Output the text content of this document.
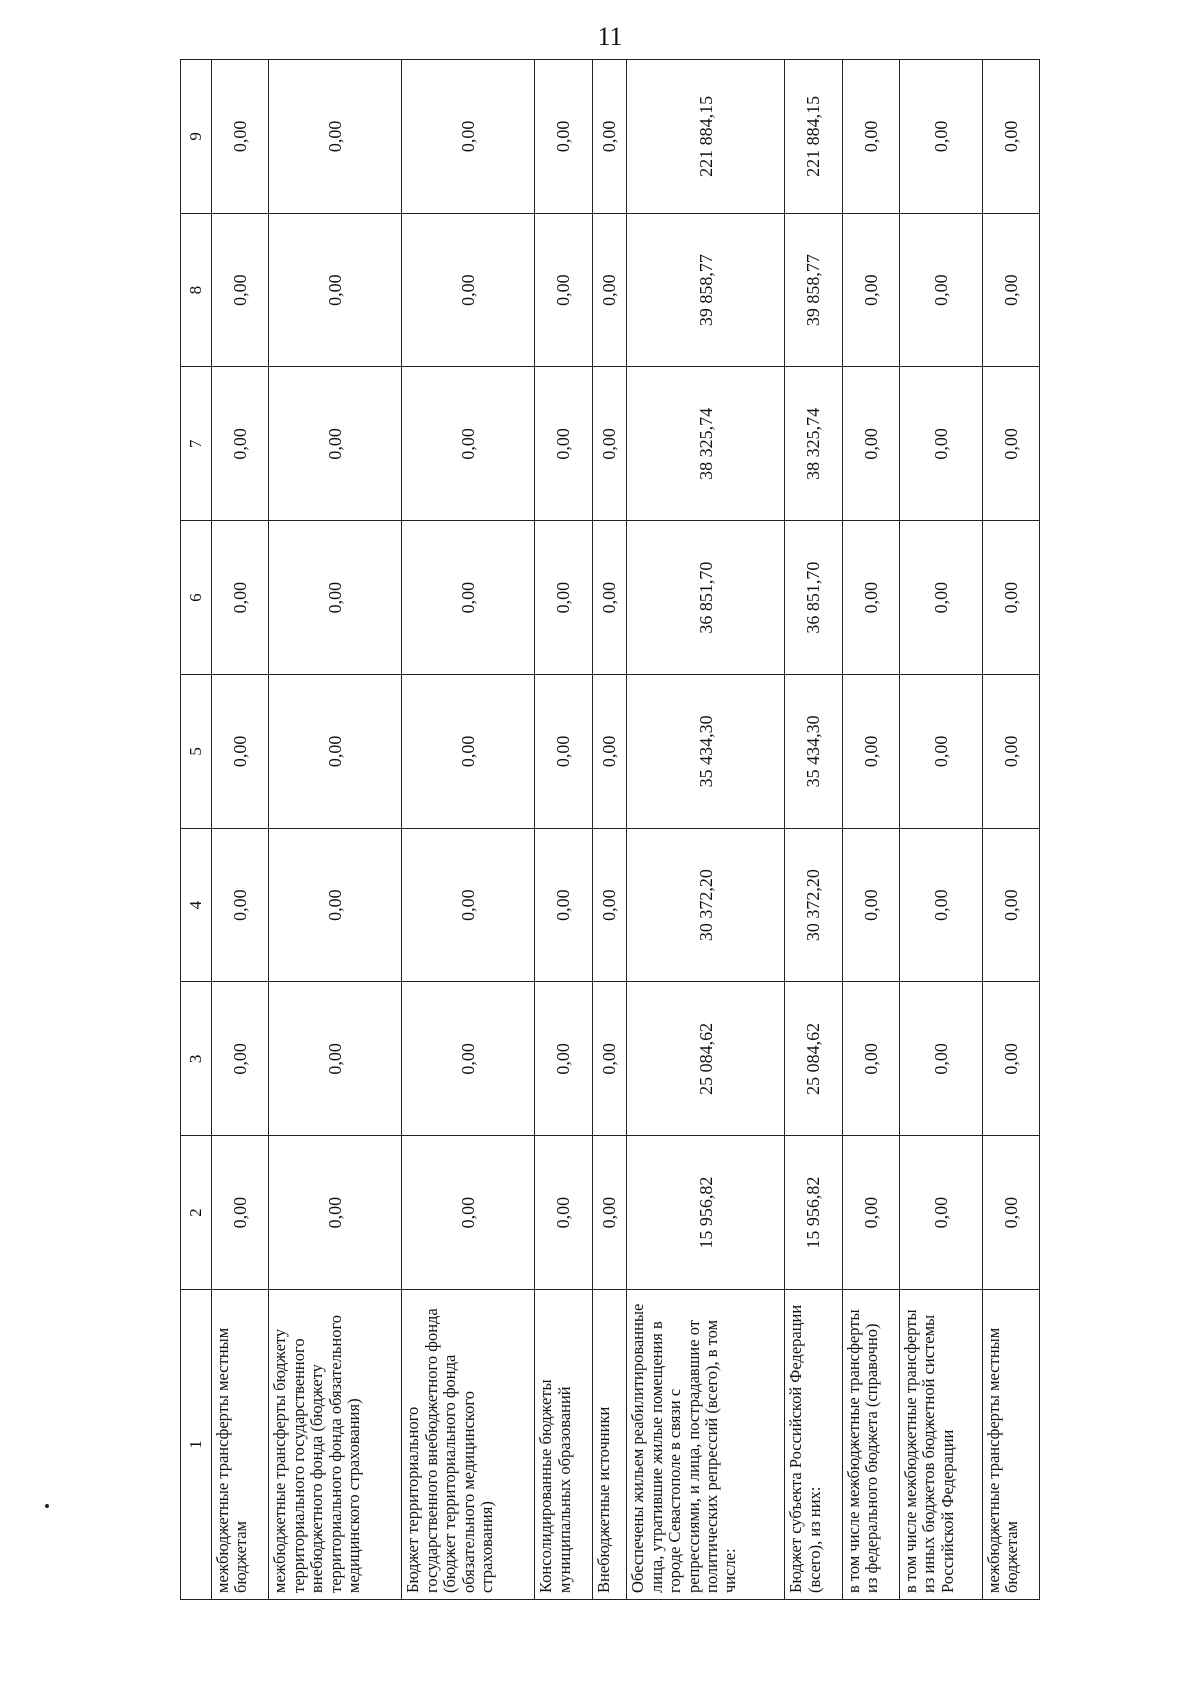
11
1	2	3	4	5	6	7	8	9
межбюджетные трансферты местным бюджетам	0,00	0,00	0,00	0,00	0,00	0,00	0,00	0,00
межбюджетные трансферты бюджету территориального государственного внебюджетного фонда (бюджету территориального фонда обязательного медицинского страхования)	0,00	0,00	0,00	0,00	0,00	0,00	0,00	0,00
Бюджет территориального государственного внебюджетного фонда (бюджет территориального фонда обязательного медицинского страхования)	0,00	0,00	0,00	0,00	0,00	0,00	0,00	0,00
Консолидированные бюджеты муниципальных образований	0,00	0,00	0,00	0,00	0,00	0,00	0,00	0,00
Внебюджетные источники	0,00	0,00	0,00	0,00	0,00	0,00	0,00	0,00
Обеспечены жильем реабилитированные лица, утратившие жилые помещения в городе Севастополе в связи с репрессиями, и лица, пострадавшие от политических репрессий (всего), в том числе:	15 956,82	25 084,62	30 372,20	35 434,30	36 851,70	38 325,74	39 858,77	221 884,15
Бюджет субъекта Российской Федерации (всего), из них:	15 956,82	25 084,62	30 372,20	35 434,30	36 851,70	38 325,74	39 858,77	221 884,15
в том числе межбюджетные трансферты из федерального бюджета (справочно)	0,00	0,00	0,00	0,00	0,00	0,00	0,00	0,00
в том числе межбюджетные трансферты из иных бюджетов бюджетной системы Российской Федерации	0,00	0,00	0,00	0,00	0,00	0,00	0,00	0,00
межбюджетные трансферты местным бюджетам	0,00	0,00	0,00	0,00	0,00	0,00	0,00	0,00
